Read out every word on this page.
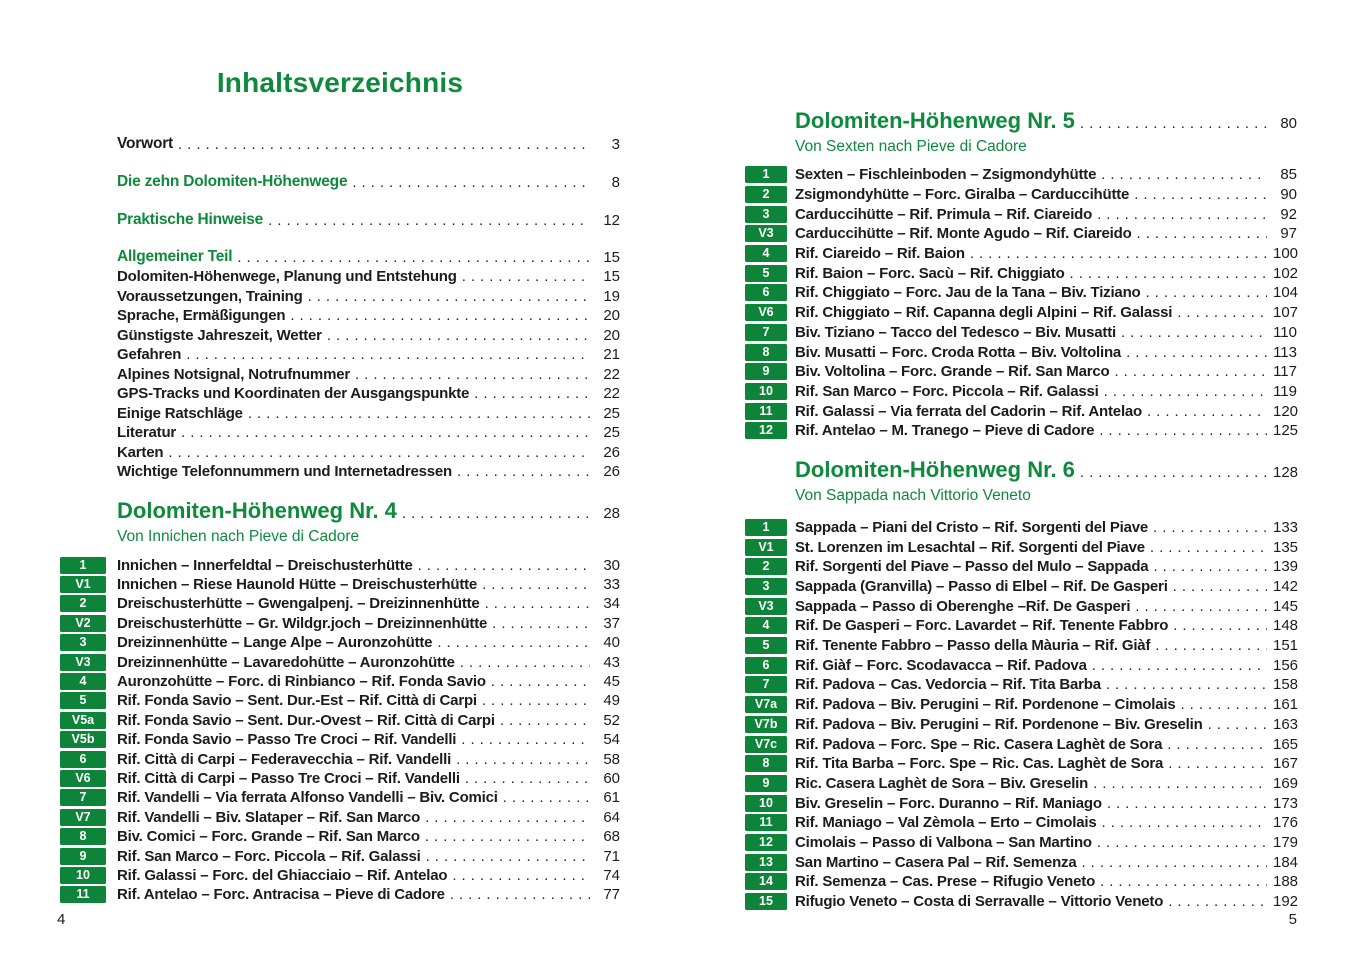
Inhaltsverzeichnis
Vorwort .....	3
Die zehn Dolomiten-Höhenwege .....	8
Praktische Hinweise .....	12
Allgemeiner Teil .....	15
Dolomiten-Höhenwege, Planung und Entstehung .....	15
Voraussetzungen, Training .....	19
Sprache, Ermäßigungen .....	20
Günstigste Jahreszeit, Wetter .....	20
Gefahren .....	21
Alpines Notsignal, Notrufnummer .....	22
GPS-Tracks und Koordinaten der Ausgangspunkte .....	22
Einige Ratschläge .....	25
Literatur .....	25
Karten .....	26
Wichtige Telefonnummern und Internetadressen .....	26
Dolomiten-Höhenweg Nr. 4 .....	28
Von Innichen nach Pieve di Cadore
1	Innichen – Innerfeldtal – Dreischusterhütte .....	30
V1	Innichen – Riese Haunold Hütte – Dreischusterhütte .....	33
2	Dreischusterhütte – Gwengalpenj. – Dreizinnenhütte .....	34
V2	Dreischusterhütte – Gr. Wildgr.joch – Dreizinnenhütte .....	37
3	Dreizinnenhütte – Lange Alpe – Auronzohütte .....	40
V3	Dreizinnenhütte – Lavaredohütte – Auronzohütte .....	43
4	Auronzohütte – Forc. di Rinbianco – Rif. Fonda Savio .....	45
5	Rif. Fonda Savio – Sent. Dur.-Est – Rif. Città di Carpi .....	49
V5a	Rif. Fonda Savio – Sent. Dur.-Ovest – Rif. Città di Carpi .....	52
V5b	Rif. Fonda Savio – Passo Tre Croci – Rif. Vandelli .....	54
6	Rif. Città di Carpi – Federavecchia – Rif. Vandelli .....	58
V6	Rif. Città di Carpi – Passo Tre Croci – Rif. Vandelli .....	60
7	Rif. Vandelli – Via ferrata Alfonso Vandelli – Biv. Comici .....	61
V7	Rif. Vandelli – Biv. Slataper – Rif. San Marco .....	64
8	Biv. Comici – Forc. Grande – Rif. San Marco .....	68
9	Rif. San Marco – Forc. Piccola – Rif. Galassi .....	71
10	Rif. Galassi – Forc. del Ghiacciaio – Rif. Antelao .....	74
11	Rif. Antelao – Forc. Antracisa – Pieve di Cadore .....	77
Dolomiten-Höhenweg Nr. 5 .....	80
Von Sexten nach Pieve di Cadore
1	Sexten – Fischleinboden – Zsigmondyhütte .....	85
2	Zsigmondyhütte – Forc. Giralba – Carduccihütte .....	90
3	Carduccihütte – Rif. Primula – Rif. Ciareido .....	92
V3	Carduccihütte – Rif. Monte Agudo – Rif. Ciareido .....	97
4	Rif. Ciareido – Rif. Baion .....	100
5	Rif. Baion – Forc. Sacù – Rif. Chiggiato .....	102
6	Rif. Chiggiato – Forc. Jau de la Tana – Biv. Tiziano .....	104
V6	Rif. Chiggiato – Rif. Capanna degli Alpini – Rif. Galassi .....	107
7	Biv. Tiziano – Tacco del Tedesco – Biv. Musatti .....	110
8	Biv. Musatti – Forc. Croda Rotta – Biv. Voltolina .....	113
9	Biv. Voltolina – Forc. Grande – Rif. San Marco .....	117
10	Rif. San Marco – Forc. Piccola – Rif. Galassi .....	119
11	Rif. Galassi – Via ferrata del Cadorin – Rif. Antelao .....	120
12	Rif. Antelao – M. Tranego – Pieve di Cadore .....	125
Dolomiten-Höhenweg Nr. 6 .....	128
Von Sappada nach Vittorio Veneto
1	Sappada – Piani del Cristo – Rif. Sorgenti del Piave .....	133
V1	St. Lorenzen im Lesachtal – Rif. Sorgenti del Piave .....	135
2	Rif. Sorgenti del Piave – Passo del Mulo – Sappada .....	139
3	Sappada (Granvilla) – Passo di Elbel – Rif. De Gasperi .....	142
V3	Sappada – Passo di Oberenghe –Rif. De Gasperi .....	145
4	Rif. De Gasperi – Forc. Lavardet – Rif. Tenente Fabbro .....	148
5	Rif. Tenente Fabbro – Passo della Màuria – Rif. Giàf .....	151
6	Rif. Giàf – Forc. Scodavacca – Rif. Padova .....	156
7	Rif. Padova – Cas. Vedorcia – Rif. Tita Barba .....	158
V7a	Rif. Padova – Biv. Perugini – Rif. Pordenone – Cimolais .....	161
V7b	Rif. Padova – Biv. Perugini – Rif. Pordenone – Biv. Greselin .....	163
V7c	Rif. Padova – Forc. Spe – Ric. Casera Laghèt de Sora .....	165
8	Rif. Tita Barba – Forc. Spe – Ric. Cas. Laghèt de Sora .....	167
9	Ric. Casera Laghèt de Sora – Biv. Greselin .....	169
10	Biv. Greselin – Forc. Duranno – Rif. Maniago .....	173
11	Rif. Maniago – Val Zèmola – Erto – Cimolais .....	176
12	Cimolais – Passo di Valbona – San Martino .....	179
13	San Martino – Casera Pal – Rif. Semenza .....	184
14	Rif. Semenza – Cas. Prese – Rifugio Veneto .....	188
15	Rifugio Veneto – Costa di Serravalle – Vittorio Veneto .....	192
4	5
